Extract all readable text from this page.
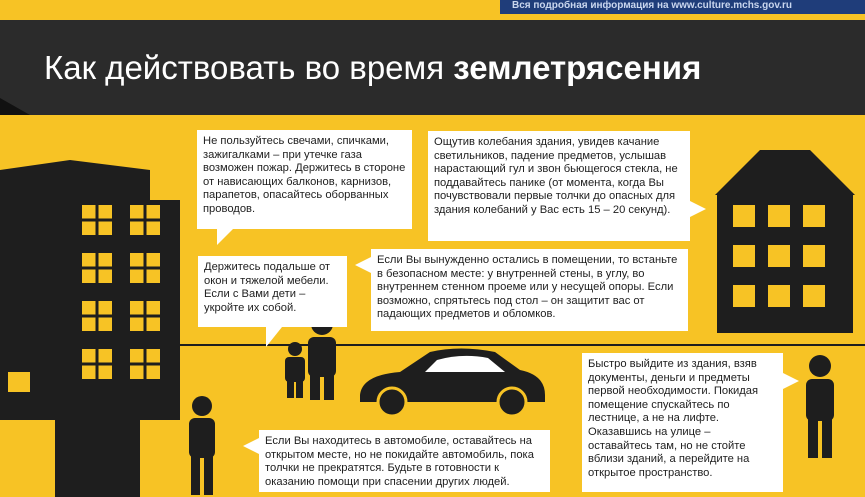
Вся подробная информация на www.culture.mchs.gov.ru
Как действовать во время землетрясения
Не пользуйтесь свечами, спичками, зажигалками – при утечке газа возможен пожар. Держитесь в стороне от нависающих балконов, карнизов, парапетов, опасайтесь оборванных проводов.
Держитесь подальше от окон и тяжелой мебели. Если с Вами дети – укройте их собой.
Ощутив колебания здания, увидев качание светильников, падение предметов, услышав нарастающий гул и звон бьющегося стекла, не поддавайтесь панике (от момента, когда Вы почувствовали первые толчки до опасных для здания колебаний у Вас есть 15 – 20 секунд).
Если Вы вынужденно остались в помещении, то встаньте в безопасном месте: у внутренней стены, в углу, во внутреннем стенном проеме или у несущей опоры. Если возможно, спрятьтесь под стол – он защитит вас от падающих предметов и обломков.
Быстро выйдите из здания, взяв документы, деньги и предметы первой необходимости. Покидая помещение спускайтесь по лестнице, а не на лифте. Оказавшись на улице – оставайтесь там, но не стойте вблизи зданий, а перейдите на открытое пространство.
Если Вы находитесь в автомобиле, оставайтесь на открытом месте, но не покидайте автомобиль, пока толчки не прекратятся. Будьте в готовности к оказанию помощи при спасении других людей.
